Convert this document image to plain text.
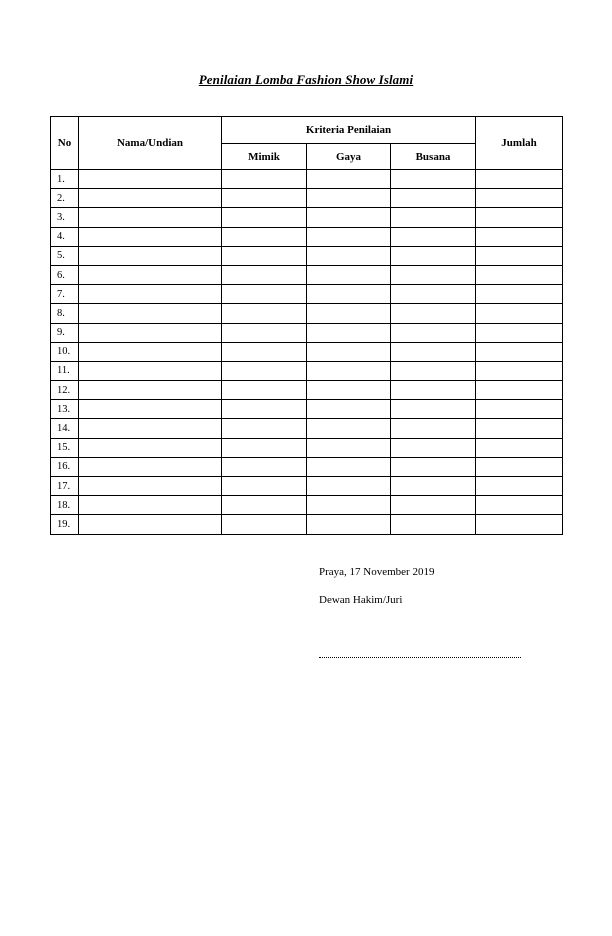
Penilaian Lomba Fashion Show Islami
No	Nama/Undian	Kriteria Penilaian			Jumlah
		Mimik	Gaya	Busana	
1.					
2.					
3.					
4.					
5.					
6.					
7.					
8.					
9.					
10.					
11.					
12.					
13.					
14.					
15.					
16.					
17.					
18.					
19.					
Praya, 17 November 2019
Dewan Hakim/Juri
